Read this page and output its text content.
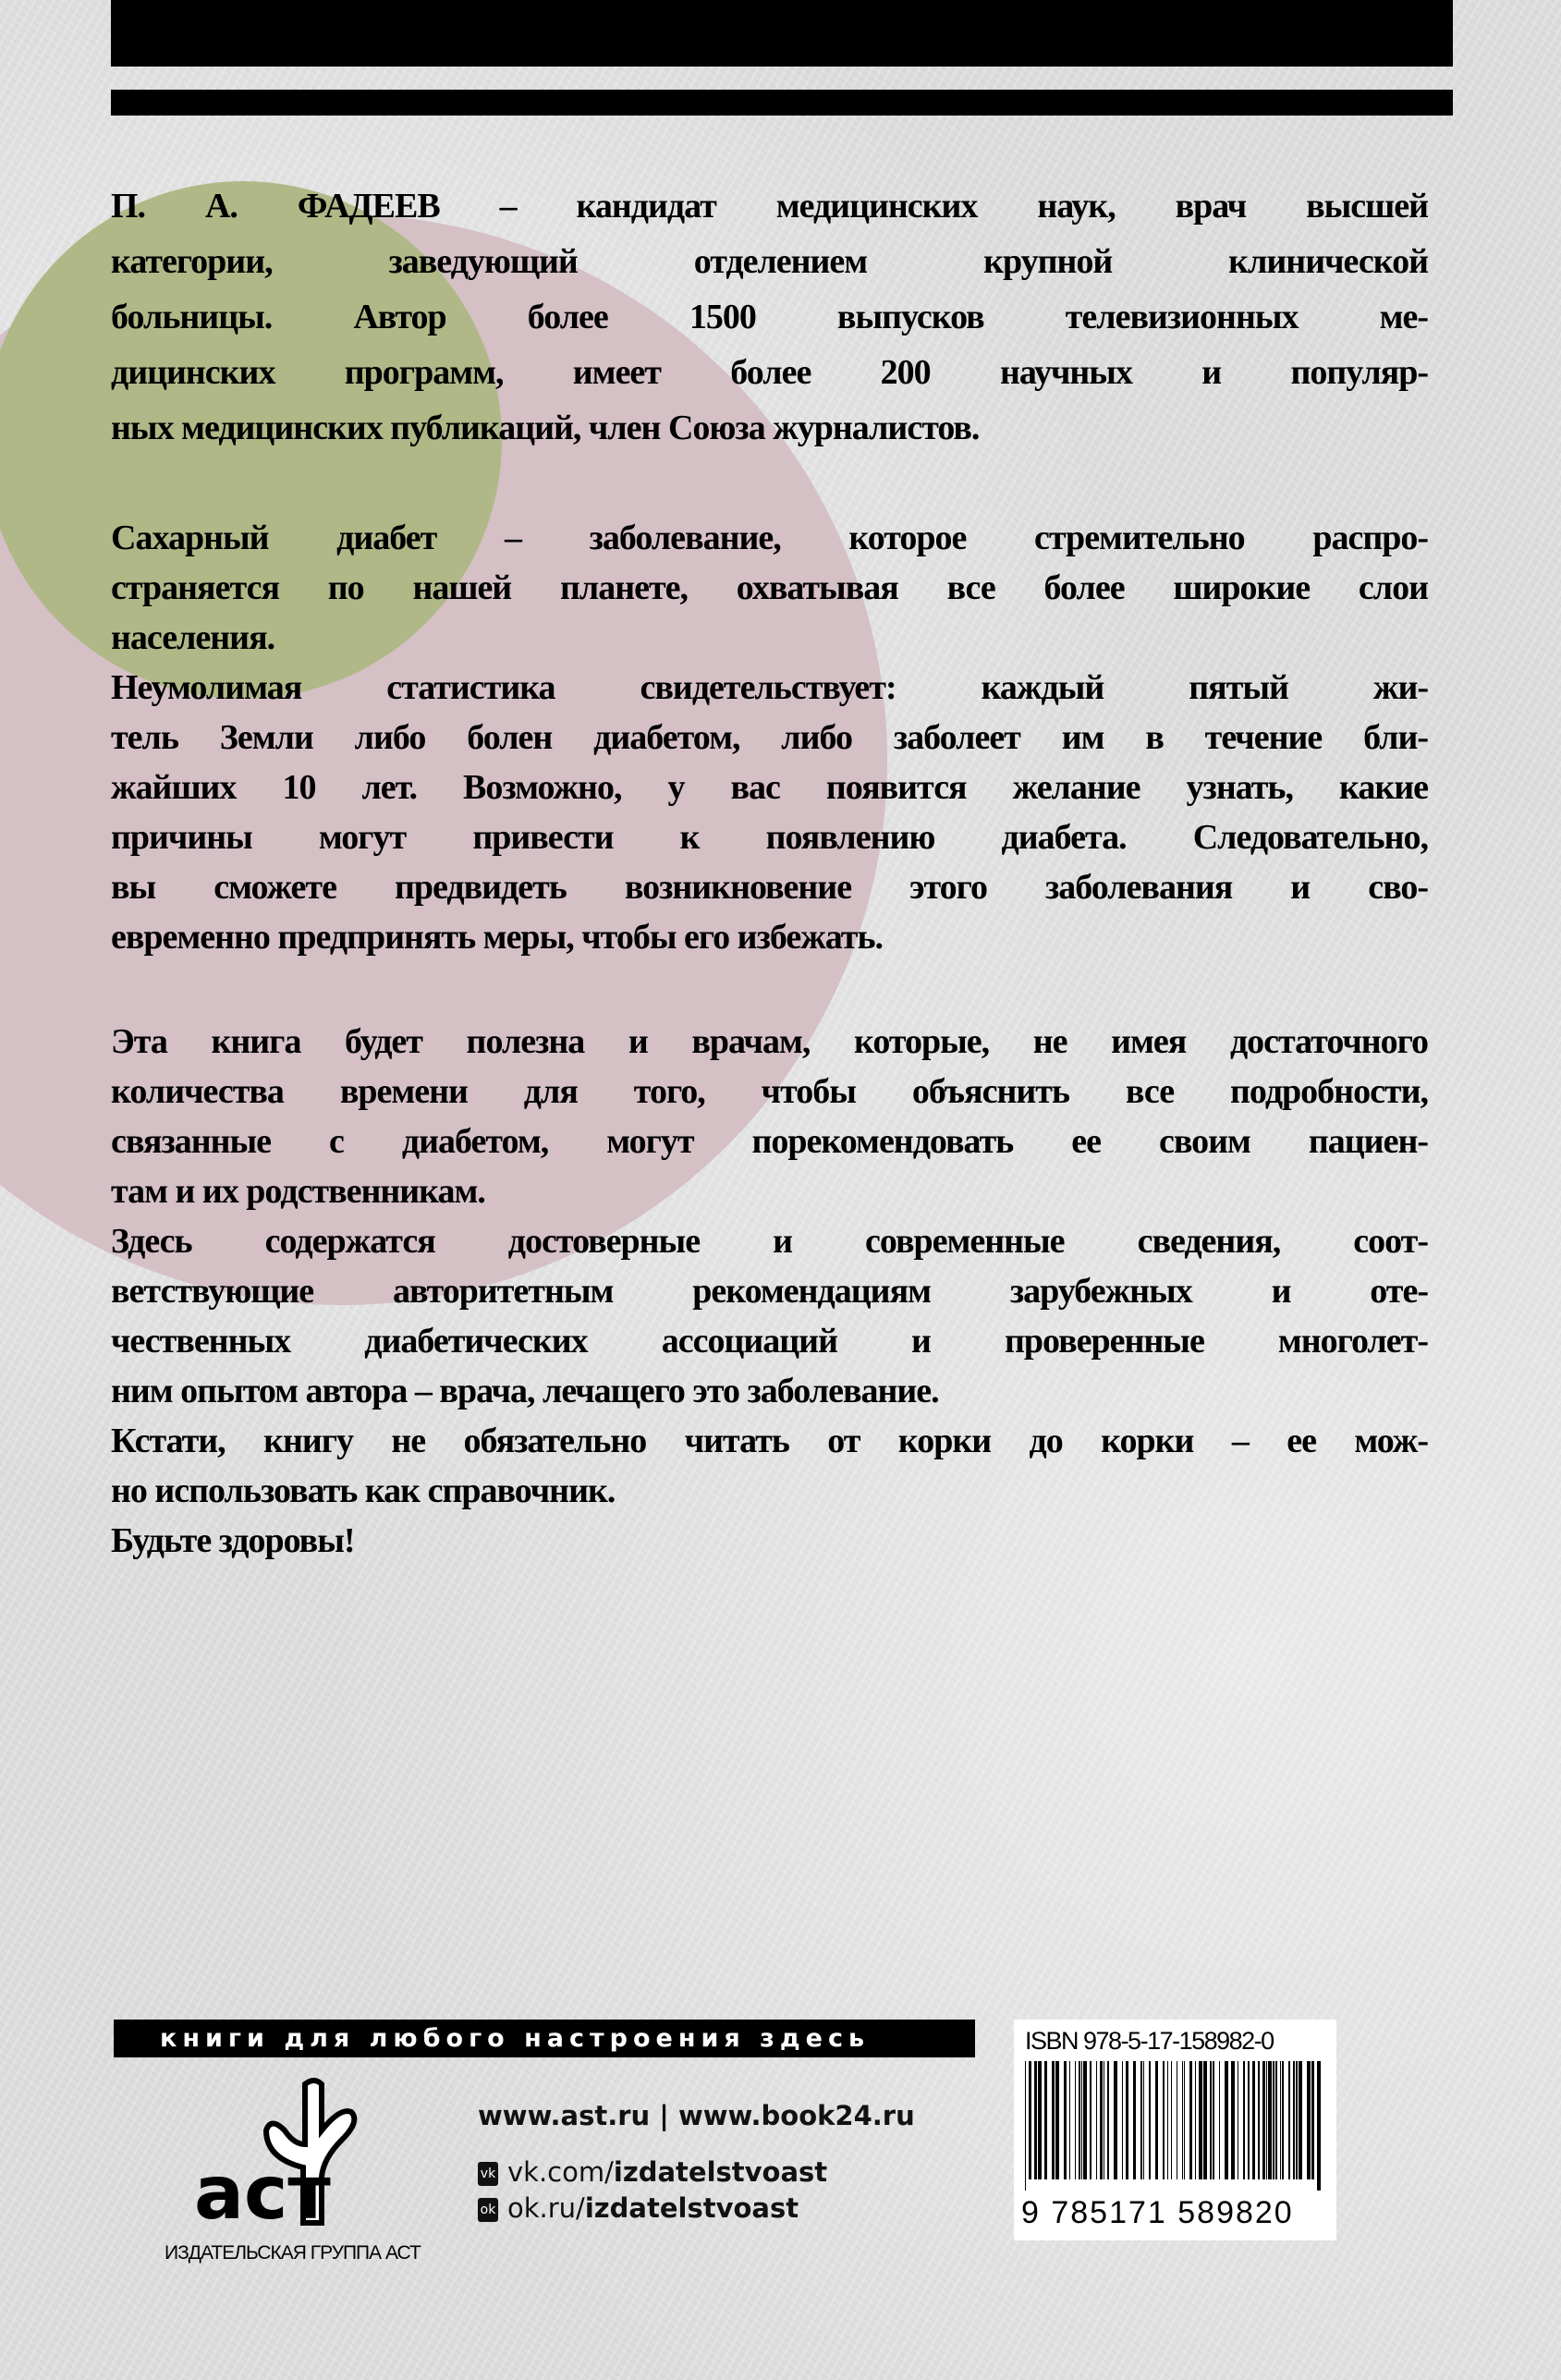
П. А. ФАДЕЕВ – кандидат медицинских наук, врач высшей
категории, заведующий отделением крупной клинической
больницы. Автор более 1500 выпусков телевизионных ме-
дицинских программ, имеет более 200 научных и популяр-
ных медицинских публикаций, член Союза журналистов.
Сахарный диабет – заболевание, которое стремительно распро-
страняется по нашей планете, охватывая все более широкие слои
населения.
Неумолимая статистика свидетельствует: каждый пятый жи-
тель Земли либо болен диабетом, либо заболеет им в течение бли-
жайших 10 лет. Возможно, у вас появится желание узнать, какие
причины могут привести к появлению диабета. Следовательно,
вы сможете предвидеть возникновение этого заболевания и сво-
евременно предпринять меры, чтобы его избежать.
Эта книга будет полезна и врачам, которые, не имея достаточного
количества времени для того, чтобы объяснить все подробности,
связанные с диабетом, могут порекомендовать ее своим пациен-
там и их родственникам.
Здесь содержатся достоверные и современные сведения, соот-
ветствующие авторитетным рекомендациям зарубежных и оте-
чественных диабетических ассоциаций и проверенные многолет-
ним опытом автора – врача, лечащего это заболевание.
Кстати, книгу не обязательно читать от корки до корки – ее мож-
но использовать как справочник.
Будьте здоровы!
книги для любого настроения здесь
аст
ИЗДАТЕЛЬСКАЯ ГРУППА АСТ
www.ast.ru | www.book24.ru
vk vk.com/izdatelstvoast
ok ok.ru/izdatelstvoast
ISBN 978-5-17-158982-0
9 785171 589820
